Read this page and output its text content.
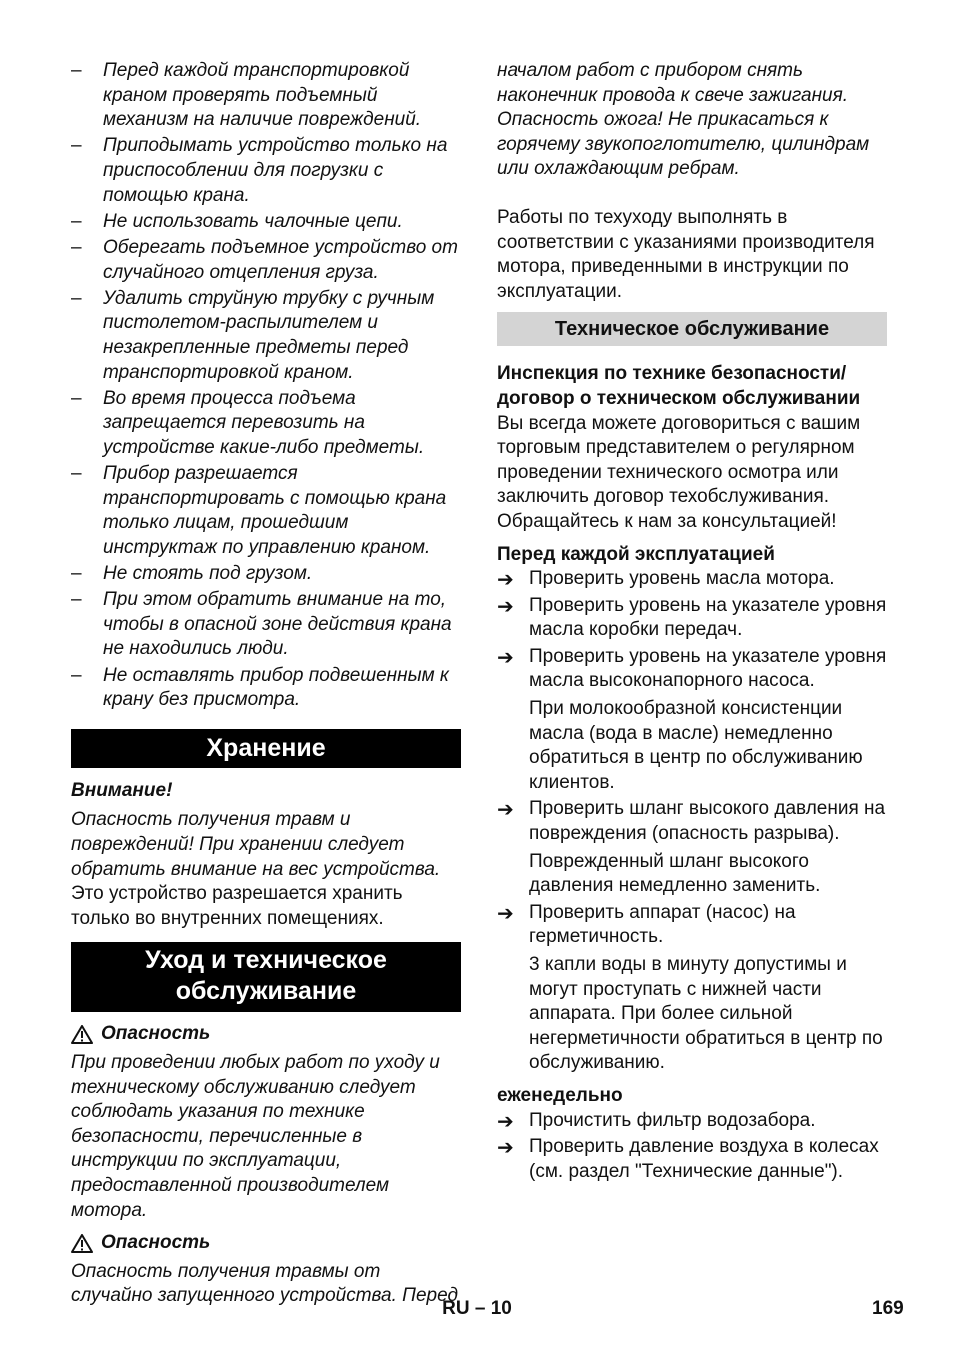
– Перед каждой транспортировкой краном проверять подъемный механизм на наличие повреждений.
– Приподымать устройство только на приспособлении для погрузки с помощью крана.
– Не использовать чалочные цепи.
– Оберегать подъемное устройство от случайного отцепления груза.
– Удалить струйную трубку с ручным пистолетом-распылителем и незакрепленные предметы перед транспортировкой краном.
– Во время процесса подъема запрещается перевозить на устройстве какие-либо предметы.
– Прибор разрешается транспортировать с помощью крана только лицам, прошедшим инструктаж по управлению краном.
– Не стоять под грузом.
– При этом обратить внимание на то, чтобы в опасной зоне действия крана не находились люди.
– Не оставлять прибор подвешенным к крану без присмотра.
Хранение

Внимание!

Опасность получения травм и повреждений! При хранении следует обратить внимание на вес устройства.

Это устройство разрешается хранить только во внутренних помещениях.

Уход и техническое обслуживание
Опасность

При проведении любых работ по уходу и техническому обслуживанию следует соблюдать указания по технике безопасности, перечисленные в инструкции по эксплуатации, предоставленной производителем мотора.

Опасность

Опасность получения травмы от случайно запущенного устройства. Перед

началом работ с прибором снять наконечник провода к свече зажигания. Опасность ожога! Не прикасаться к горячему звукопоглотителю, цилиндрам или охлаждающим ребрам.

Работы по техуходу выполнять в соответствии с указаниями производителя мотора, приведенными в инструкции по эксплуатации.

Техническое обслуживание

Инспекция по технике безопасности/ договор о техническом обслуживании

Вы всегда можете договориться с вашим торговым представителем о регулярном проведении технического осмотра или заключить договор техобслуживания. Обращайтесь к нам за консультацией!

Перед каждой эксплуатацией

➔ Проверить уровень масла мотора.
➔ Проверить уровень на указателе уровня масла коробки передач.
➔ Проверить уровень на указателе уровня масла высоконапорного насоса.
При молокообразной консистенции масла (вода в масле) немедленно обратиться в центр по обслуживанию клиентов.
➔ Проверить шланг высокого давления на повреждения (опасность разрыва).
Поврежденный шланг высокого давления немедленно заменить.
➔ Проверить аппарат (насос) на герметичность.
3 капли воды в минуту допустимы и могут проступать с нижней части аппарата. При более сильной негерметичности обратиться в центр по обслуживанию.

еженедельно

➔ Прочистить фильтр водозабора.
➔ Проверить давление воздуха в колесах (см. раздел "Технические данные").
RU – 10	169
